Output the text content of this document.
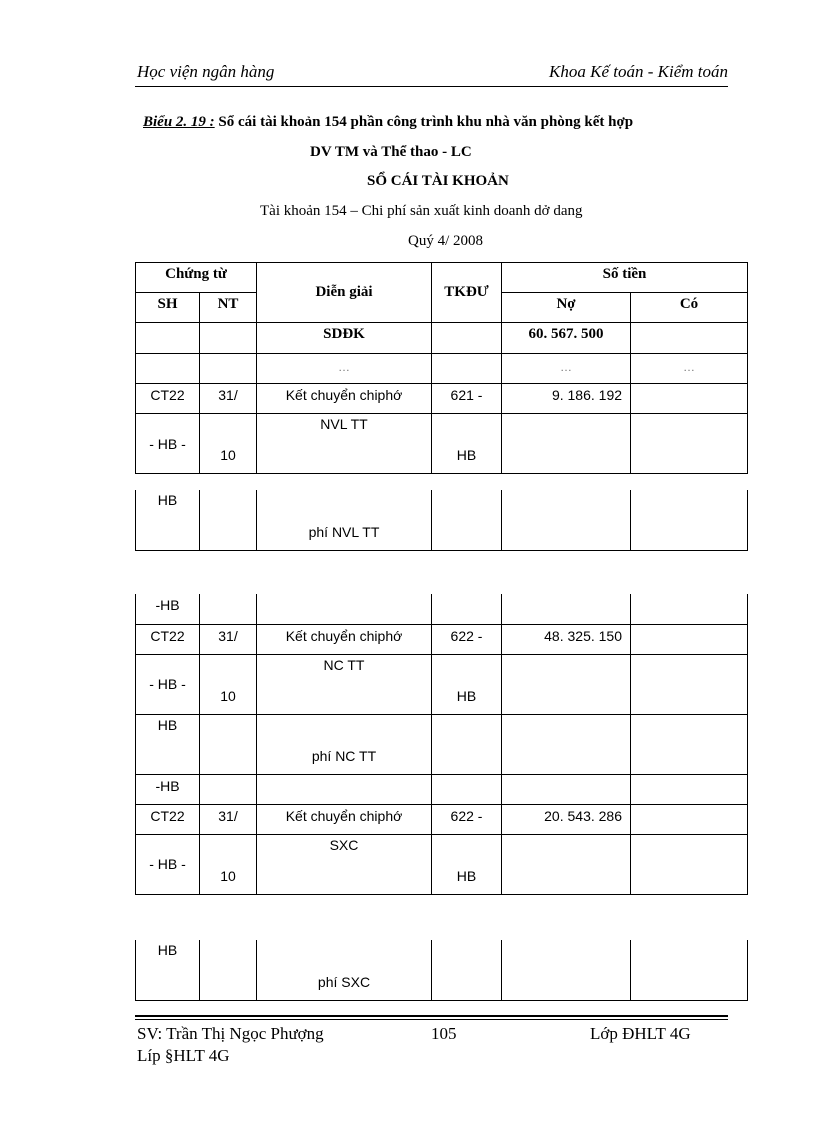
Học viện ngân hàng	Khoa Kế toán - Kiểm toán
Biểu 2. 19 : Sổ cái tài khoản 154 phần công trình khu nhà văn phòng kết hợp
DV TM và Thể thao - LC
SỔ CÁI TÀI KHOẢN
Tài khoản 154 – Chi phí sản xuất kinh doanh dở dang
Quý 4/ 2008
Chứng từ		Diễn giải	TKĐƯ	Số tiền	
SH	NT			Nợ	Có
		SDĐK		60. 567. 500	
		…		…	…
CT22	31/	Kết chuyển chiphớ	621 -	9. 186. 192	
- HB -	10	NVL TT	HB		
HB		phí NVL TT			
-HB					
CT22	31/	Kết chuyển chiphớ	622 -	48. 325. 150	
- HB -	10	NC TT	HB		
HB		phí NC TT			
-HB					
CT22	31/	Kết chuyển chiphớ	622 -	20. 543. 286	
- HB -	10	SXC	HB		
HB		phí SXC			
SV: Trần Thị Ngọc Phượng	105	Lớp ĐHLT 4G
Líp §HLT 4G
